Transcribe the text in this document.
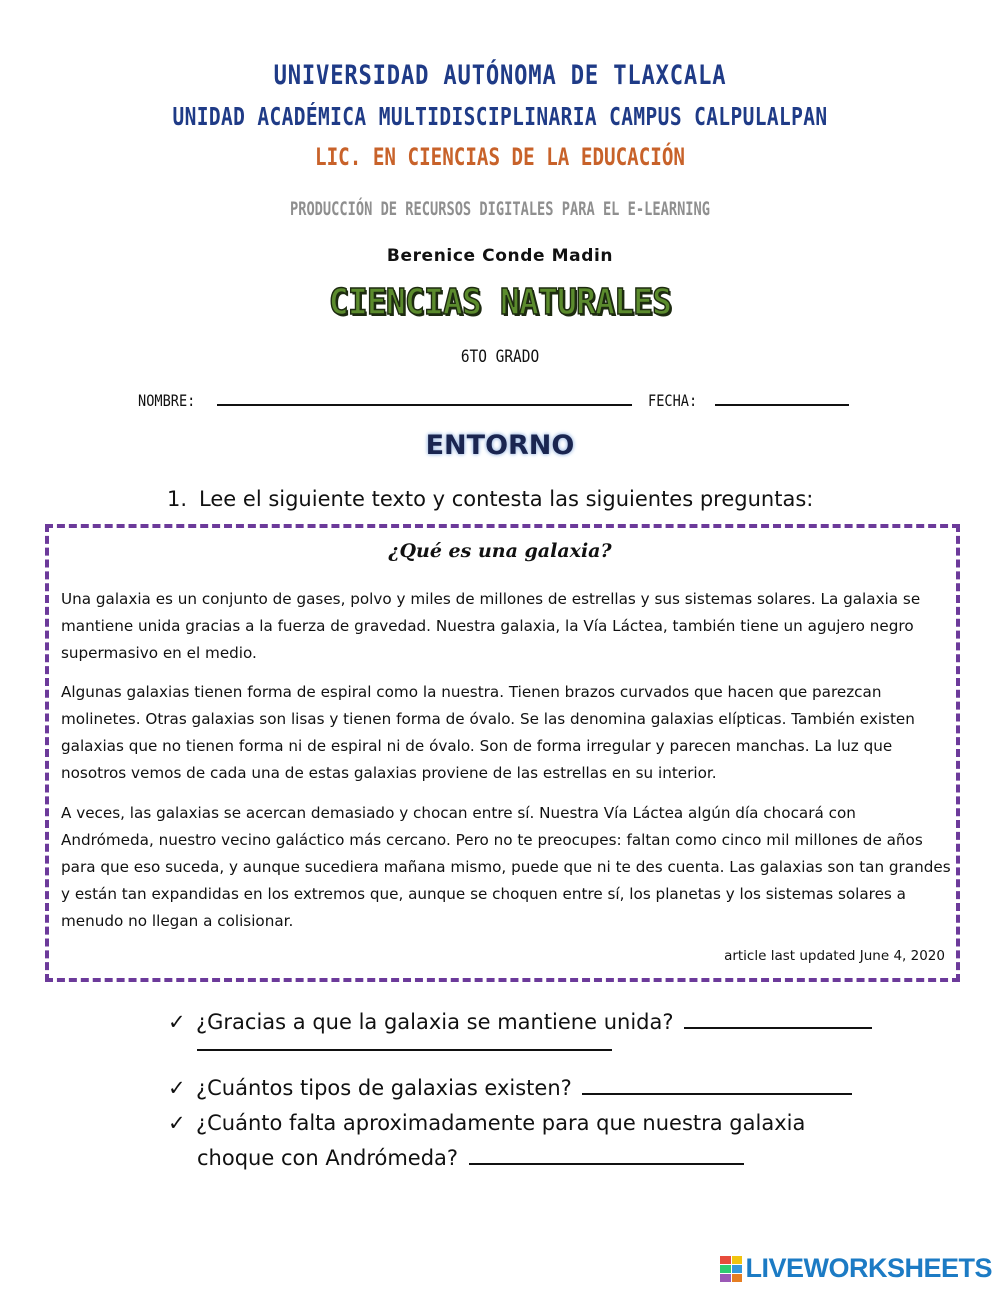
UNIVERSIDAD AUTÓNOMA DE TLAXCALA
UNIDAD ACADÉMICA MULTIDISCIPLINARIA CAMPUS CALPULALPAN
LIC. EN CIENCIAS DE LA EDUCACIÓN
PRODUCCIÓN DE RECURSOS DIGITALES PARA EL E-LEARNING
Berenice Conde Madin
CIENCIAS NATURALES
6TO GRADO
NOMBRE:	FECHA:
ENTORNO
1. Lee el siguiente texto y contesta las siguientes preguntas:
¿Qué es una galaxia?
Una galaxia es un conjunto de gases, polvo y miles de millones de estrellas y sus sistemas solares. La galaxia se mantiene unida gracias a la fuerza de gravedad. Nuestra galaxia, la Vía Láctea, también tiene un agujero negro supermasivo en el medio.
Algunas galaxias tienen forma de espiral como la nuestra. Tienen brazos curvados que hacen que parezcan molinetes. Otras galaxias son lisas y tienen forma de óvalo. Se las denomina galaxias elípticas. También existen galaxias que no tienen forma ni de espiral ni de óvalo. Son de forma irregular y parecen manchas. La luz que nosotros vemos de cada una de estas galaxias proviene de las estrellas en su interior.
A veces, las galaxias se acercan demasiado y chocan entre sí. Nuestra Vía Láctea algún día chocará con Andrómeda, nuestro vecino galáctico más cercano. Pero no te preocupes: faltan como cinco mil millones de años para que eso suceda, y aunque sucediera mañana mismo, puede que ni te des cuenta. Las galaxias son tan grandes y están tan expandidas en los extremos que, aunque se choquen entre sí, los planetas y los sistemas solares a menudo no llegan a colisionar.
article last updated June 4, 2020
✓ ¿Gracias a que la galaxia se mantiene unida?
✓ ¿Cuántos tipos de galaxias existen?
✓ ¿Cuánto falta aproximadamente para que nuestra galaxia
choque con Andrómeda?
LIVEWORKSHEETS
